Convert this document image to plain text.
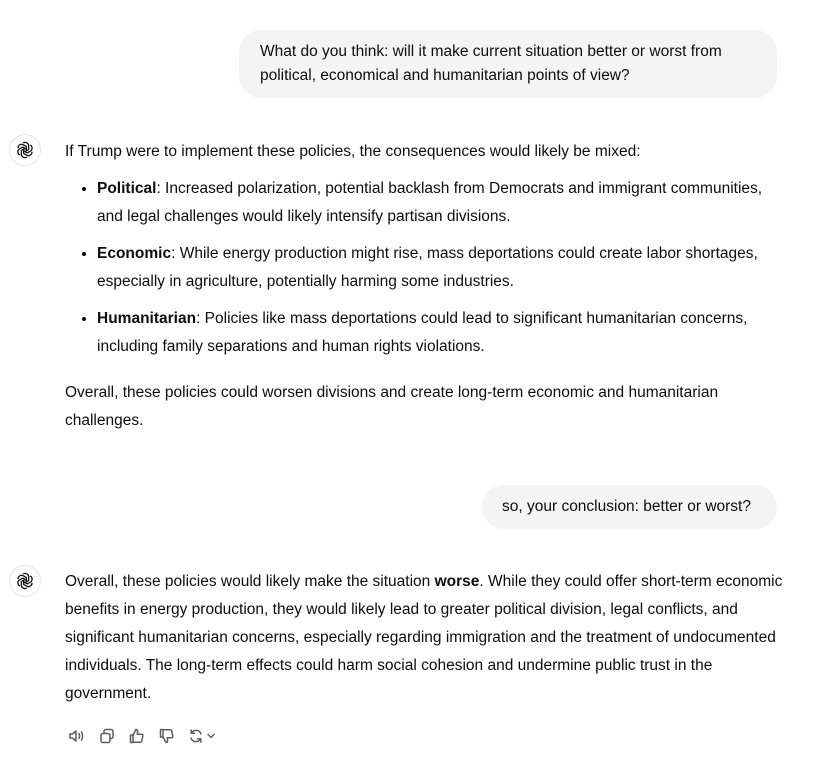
What do you think: will it make current situation better or worst from political, economical and humanitarian points of view?

If Trump were to implement these policies, the consequences would likely be mixed:

• Political: Increased polarization, potential backlash from Democrats and immigrant communities, and legal challenges would likely intensify partisan divisions.
• Economic: While energy production might rise, mass deportations could create labor shortages, especially in agriculture, potentially harming some industries.
• Humanitarian: Policies like mass deportations could lead to significant humanitarian concerns, including family separations and human rights violations.

Overall, these policies could worsen divisions and create long-term economic and humanitarian challenges.

so, your conclusion: better or worst?

Overall, these policies would likely make the situation worse. While they could offer short-term economic benefits in energy production, they would likely lead to greater political division, legal conflicts, and significant humanitarian concerns, especially regarding immigration and the treatment of undocumented individuals. The long-term effects could harm social cohesion and undermine public trust in the government.
